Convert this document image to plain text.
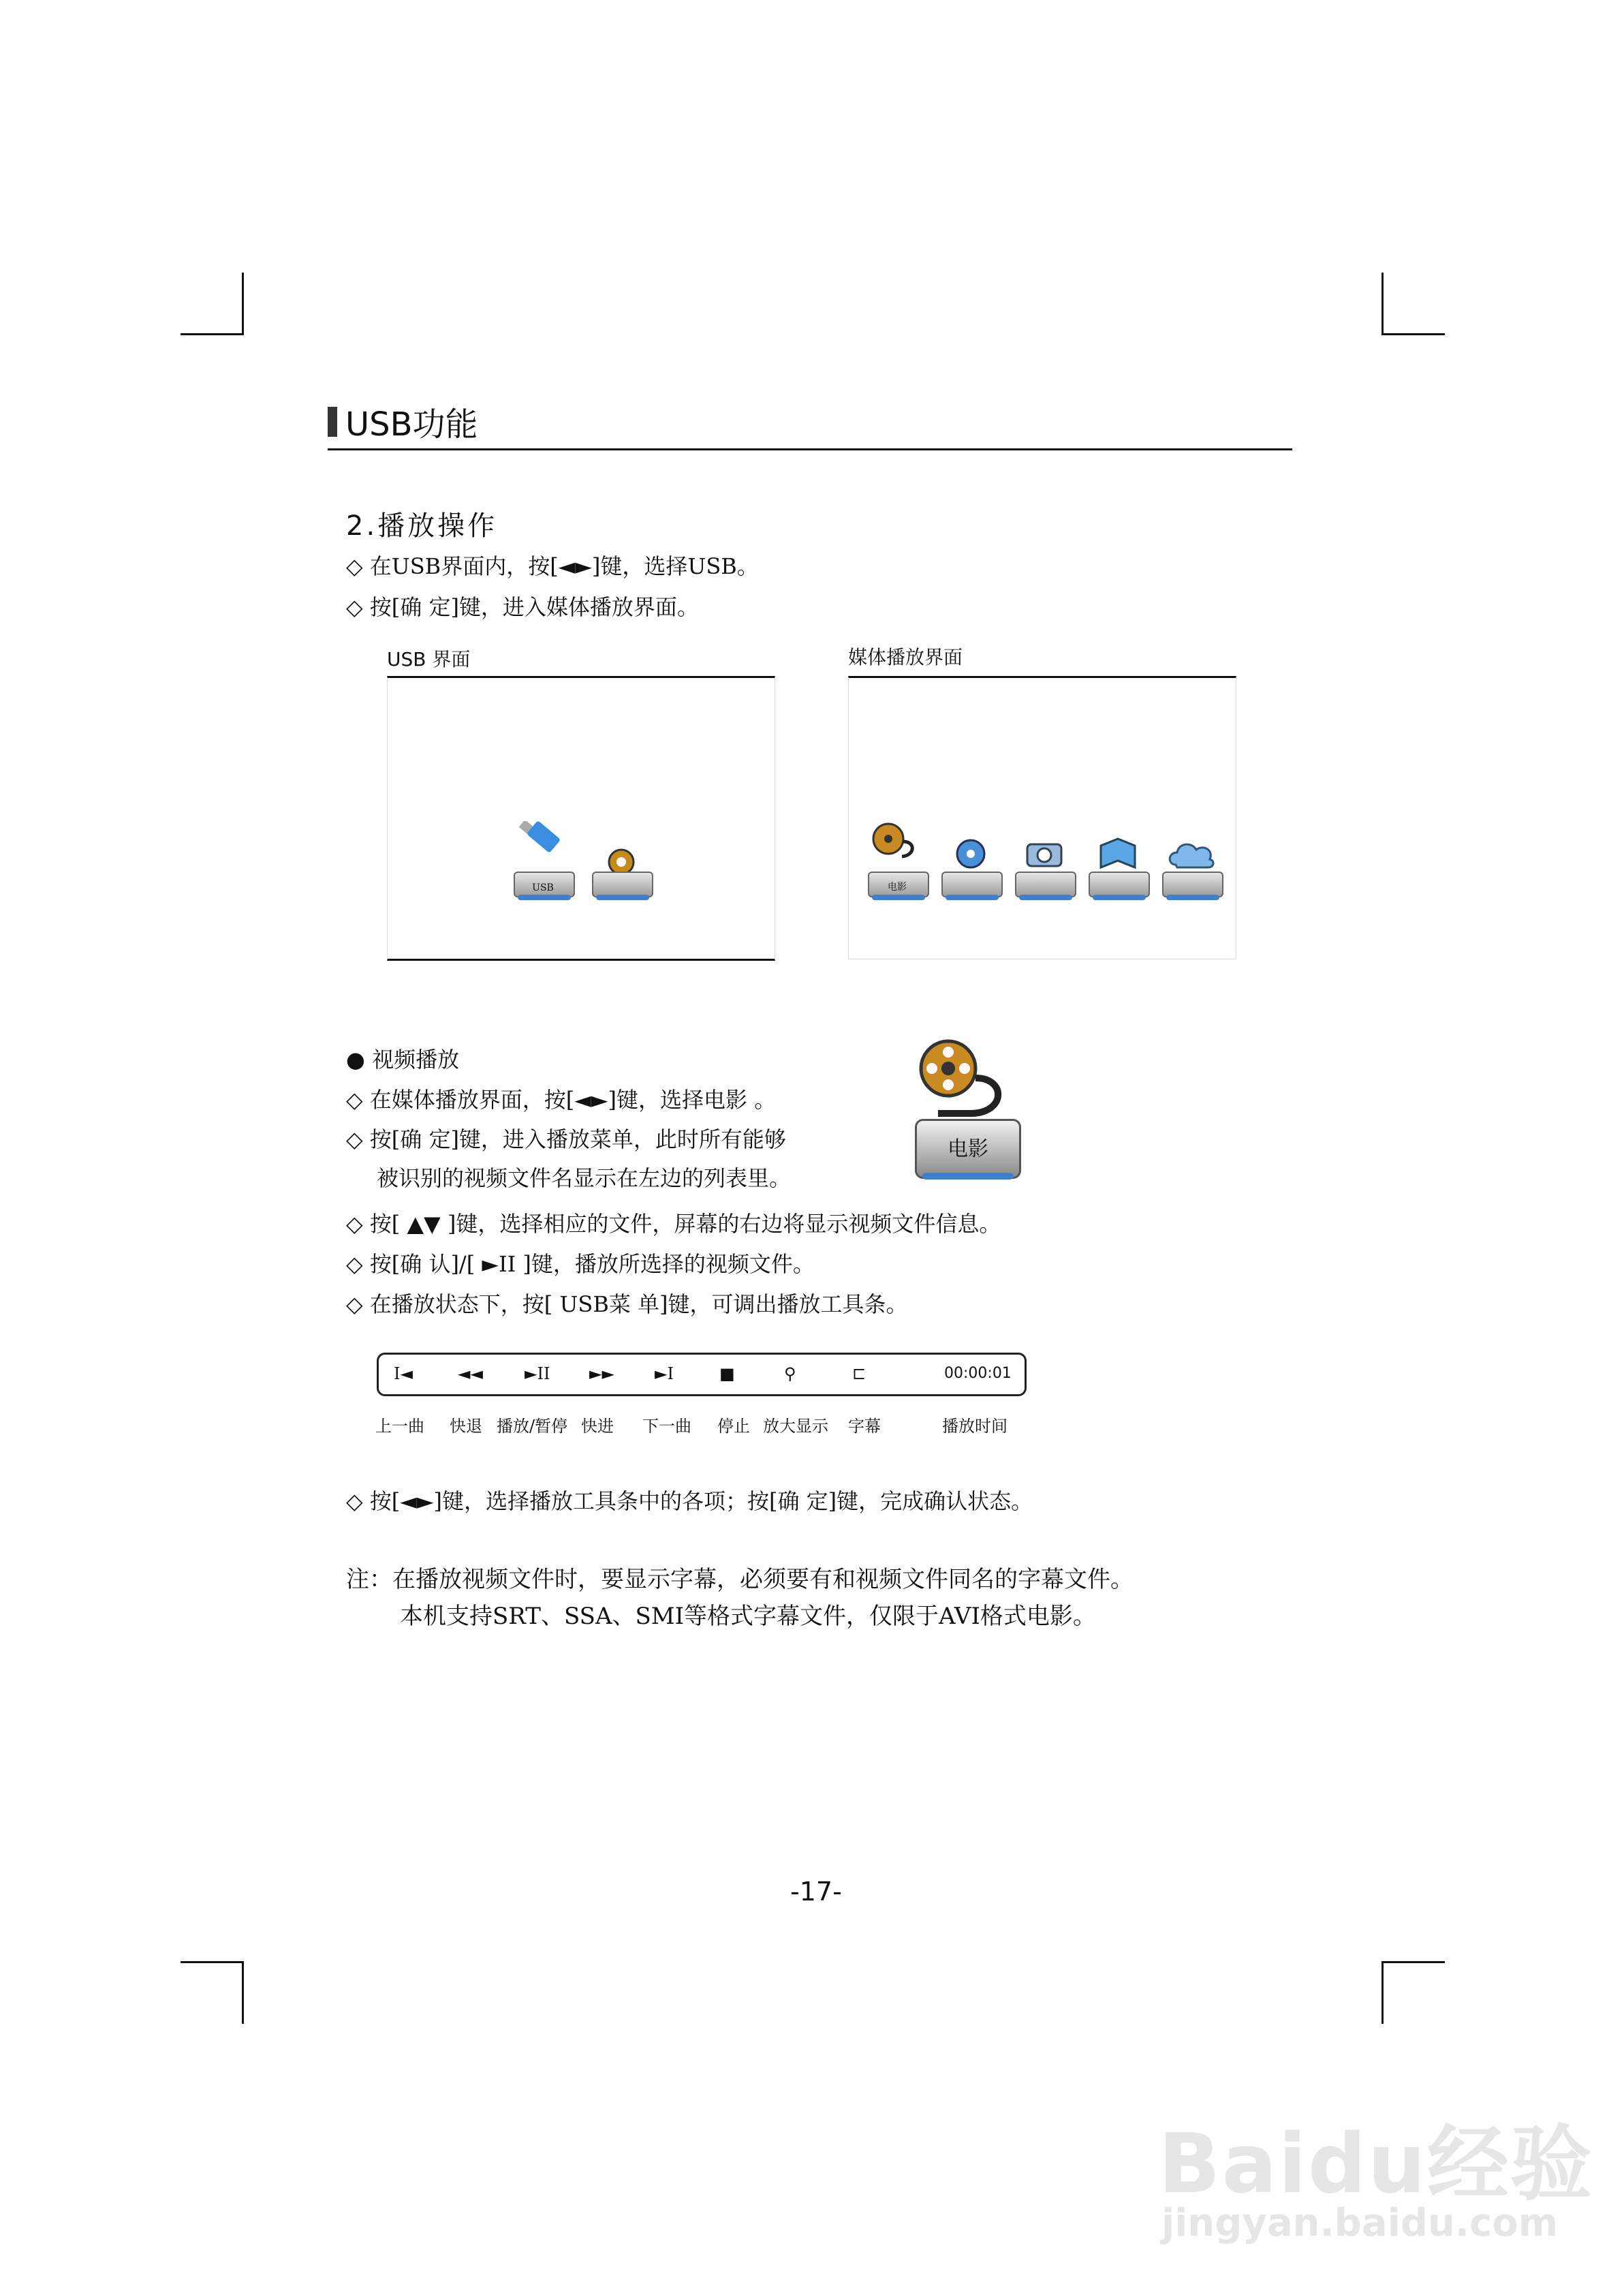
USB功能
2.播放操作
◇ 在USB界面内，按[◄►]键，选择USB。
◇ 按[确 定]键，进入媒体播放界面。
USB 界面
USB
媒体播放界面
电影
● 视频播放
◇ 在媒体播放界面，按[◄►]键，选择电影 。
◇ 按[确 定]键，进入播放菜单，此时所有能够
被识别的视频文件名显示在左边的列表里。
◇ 按[ ▲▼ ]键，选择相应的文件，屏幕的右边将显示视频文件信息。
◇ 按[确 认]/[ ►II ]键，播放所选择的视频文件。
◇ 在播放状态下，按[ USB菜 单]键，可调出播放工具条。
电影
I◄	◄◄	►II ►► ►I	■	⚲	⊏	00:00:01
上一曲 快退 播放/暂停 快进 下一曲 停止 放大显示 字幕	播放时间
◇ 按[◄►]键，选择播放工具条中的各项；按[确 定]键，完成确认状态。
注：在播放视频文件时，要显示字幕，必须要有和视频文件同名的字幕文件。
本机支持SRT、SSA、SMI等格式字幕文件，仅限于AVI格式电影。
-17-
Baidu经验
jingyan.baidu.com
